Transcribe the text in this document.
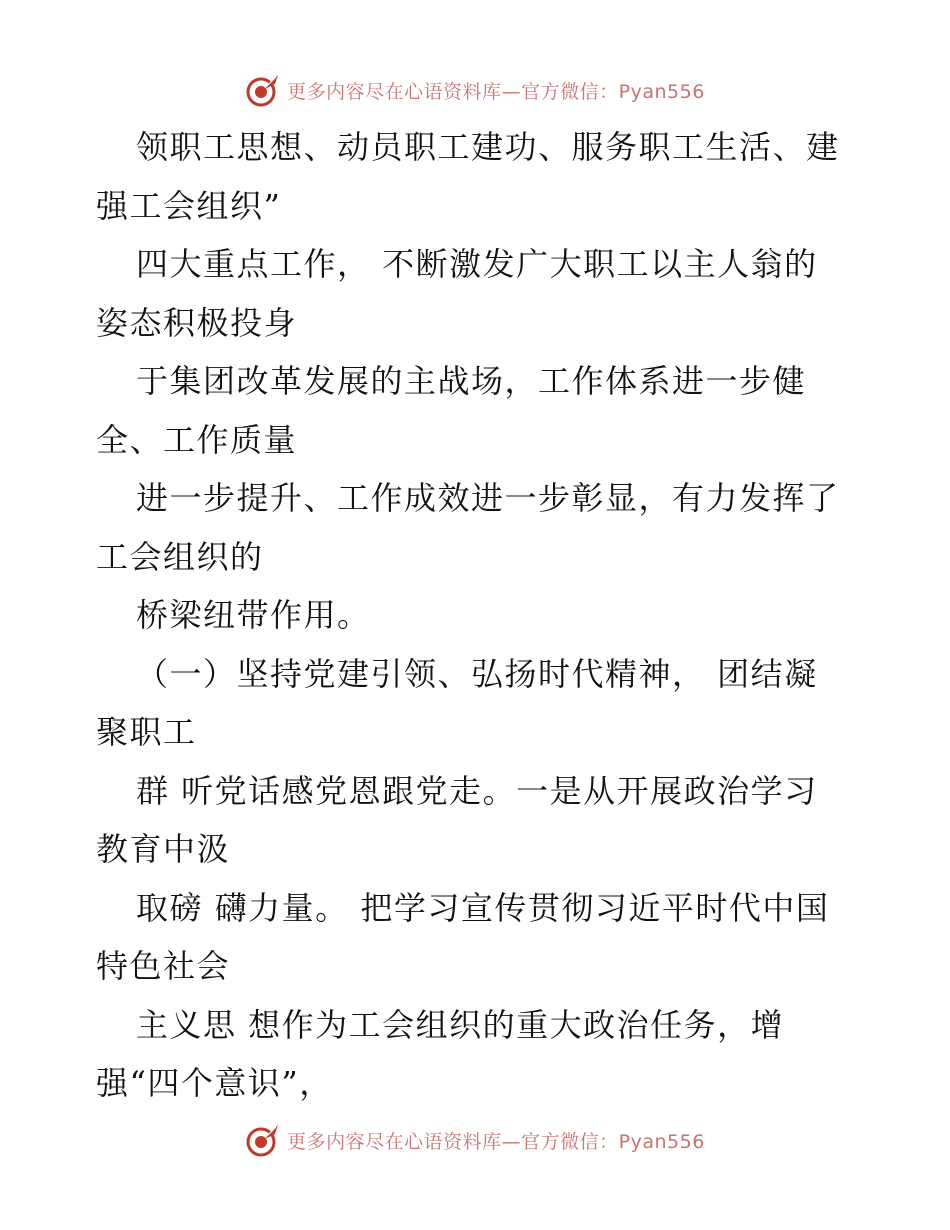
更多内容尽在心语资料库—官方微信：Pyan556
领职工思想、动员职工建功、服务职工生活、建
强工会组织”
四大重点工作， 不断激发广大职工以主人翁的
姿态积极投身
于集团改革发展的主战场，工作体系进一步健
全、工作质量
进一步提升、工作成效进一步彰显，有力发挥了
工会组织的
桥梁纽带作用。
（一）坚持党建引领、弘扬时代精神， 团结凝
聚职工
群 听党话感党恩跟党走。一是从开展政治学习
教育中汲
取磅 礴力量。 把学习宣传贯彻习近平时代中国
特色社会
主义思 想作为工会组织的重大政治任务，增
强“四个意识”，
更多内容尽在心语资料库—官方微信：Pyan556
